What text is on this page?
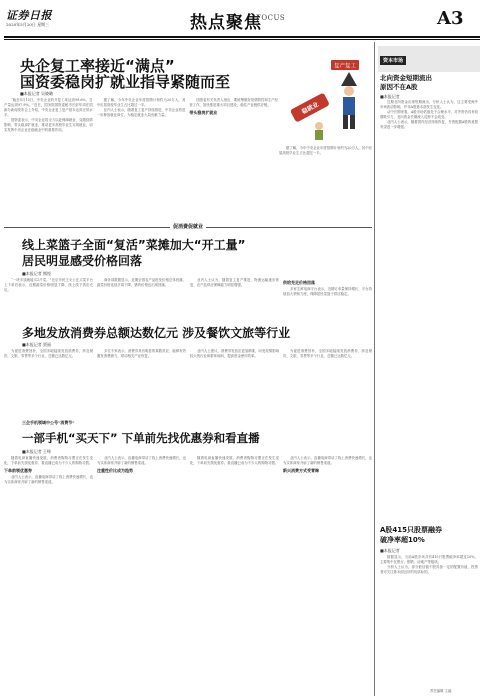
证券日报
2020年5月20日 星期三	热点聚焦
FOCUS	A3
央企复工率接近“满点”
国资委稳岗扩就业指导紧随而至
■本报记者 吴晓璐
复产复工
稳就业

“截至5月15日，中央企业的开复工率达到99.6%，日产量达到97.9%。”近日，国务院国资委秘书长彭华岗在国新办新闻发布会上介绍，中央企业复工复产基本达到正常水平。

国资委表示，中央企业将全力以赴保障就业，克服疫情影响，带头稳岗扩就业，推动更多高校毕业生实现就业，切实发挥中央企业在稳就业中的重要作用。

据了解，今年中央企业年度招聘计划约为20万人，其中应届高校毕业生占比超过一半。

业内人士表示，随着复工复产持续推进，中央企业将进一步释放就业岗位，为稳定就业大局贡献力量。

国资委有关负责人指出，要统筹做好疫情防控和生产经营工作，加快推进重大项目建设，稳住产业链供应链。

带头稳岗扩就业

据了解，今年中央企业年度招聘计划约为20万人，其中应届高校毕业生占比超过一半。

促消费促就业
线上菜篮子全面“复活”菜摊加大“开工量”
居民明显感受价格回落
■本报记者 熊悦

“一块多钱就能买2斤菜。”北京市民王女士在买菜平台上下单后表示，近期蔬菜价格明显下降，线上线下供应充足。

商务部数据显示，近期全国农产品批发价格总体回落，蔬菜价格连续多周下降，猪肉价格也出现回落。

业内人士认为，随着复工复产推进，物流运输逐步恢复，农产品供应保障能力明显增强。	供给充足价格回落

多家生鲜电商平台表示，近期订单量保持增长，平台持续加大采购力度，保障居民菜篮子供应稳定。

多地发放消费券总额达数亿元 涉及餐饮文旅等行业
■本报记者 贾丽

为促进消费回补，全国多地陆续发放消费券，涉及餐饮、文旅、零售等多个行业，总额已达数亿元。

多位专家表示，消费券具有明显的乘数效应，能够有效激发消费潜力，带动相关产业恢复。

业内人士建议，消费券发放应更加精准，向受疫情影响较大的行业和群体倾斜，提高资金使用效率。

为促进消费回补，全国多地陆续发放消费券，涉及餐饮、文旅、零售等多个行业，总额已达数亿元。

三企手机领域中公号“消费节”
一部手机“买天下” 下单前先找优惠券和看直播
■本报记者 王峥

随着电商直播快速发展，消费者购物习惯正在发生变化，下单前先领优惠券、看直播已成为不少人的购物习惯。

下单前领优惠券

业内人士表示，直播电商带动了线上消费快速增长，也为实体商家开辟了新的销售渠道。

业内人士表示，直播电商带动了线上消费快速增长，也为实体商家开辟了新的销售渠道。

注重性价比成为趋势

随着电商直播快速发展，消费者购物习惯正在发生变化，下单前先领优惠券、看直播已成为不少人的购物习惯。

业内人士表示，直播电商带动了线上消费快速增长，也为实体商家开辟了新的销售渠道。

新兴消费方式受青睐

资本市场
北向资金短期流出
原因不在A股
■本报记者

近期北向资金出现短期流出，分析人士认为，这主要受海外市场波动影响，并非A股基本面发生变化。

从中长期来看，A股市场估值处于合理水平，对外资仍具有较强吸引力，北向资金长期流入趋势不会改变。

业内人士表示，随着国内经济持续恢复，外资配置A股的意愿有望进一步增强。

A股415只股票融券
破净率超10%
■本报记者

数据显示，当前A股市场共有415只股票破净率超过10%，主要集中在银行、钢铁、房地产等板块。

分析人士认为，部分低估值个股具备一定的配置价值，投资者可关注基本面良好的优质标的。

责任编辑 主编
